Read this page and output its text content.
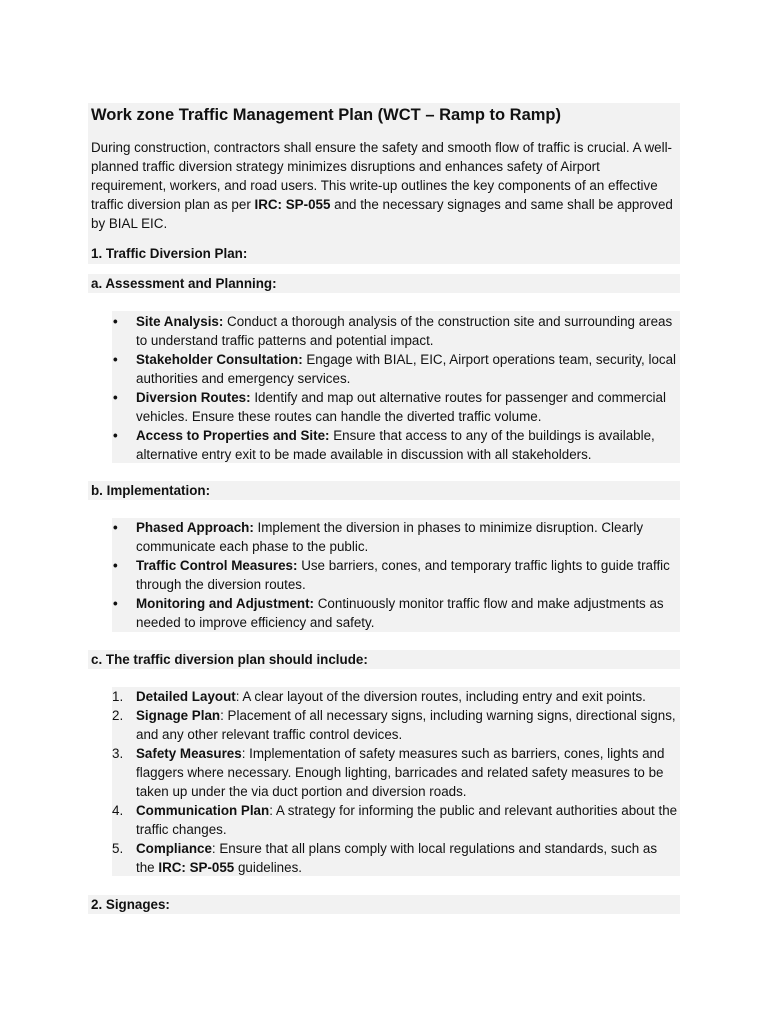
Work zone Traffic Management Plan (WCT – Ramp to Ramp)

During construction, contractors shall ensure the safety and smooth flow of traffic is crucial. A well-planned traffic diversion strategy minimizes disruptions and enhances safety of Airport requirement, workers, and road users. This write-up outlines the key components of an effective traffic diversion plan as per IRC: SP-055 and the necessary signages and same shall be approved by BIAL EIC.

1. Traffic Diversion Plan:

a. Assessment and Planning:

• Site Analysis: Conduct a thorough analysis of the construction site and surrounding areas to understand traffic patterns and potential impact.
• Stakeholder Consultation: Engage with BIAL, EIC, Airport operations team, security, local authorities and emergency services.
• Diversion Routes: Identify and map out alternative routes for passenger and commercial vehicles. Ensure these routes can handle the diverted traffic volume.
• Access to Properties and Site: Ensure that access to any of the buildings is available, alternative entry exit to be made available in discussion with all stakeholders.

b. Implementation:

• Phased Approach: Implement the diversion in phases to minimize disruption. Clearly communicate each phase to the public.
• Traffic Control Measures: Use barriers, cones, and temporary traffic lights to guide traffic through the diversion routes.
• Monitoring and Adjustment: Continuously monitor traffic flow and make adjustments as needed to improve efficiency and safety.

c. The traffic diversion plan should include:

1. Detailed Layout: A clear layout of the diversion routes, including entry and exit points.
2. Signage Plan: Placement of all necessary signs, including warning signs, directional signs, and any other relevant traffic control devices.
3. Safety Measures: Implementation of safety measures such as barriers, cones, lights and flaggers where necessary. Enough lighting, barricades and related safety measures to be taken up under the via duct portion and diversion roads.
4. Communication Plan: A strategy for informing the public and relevant authorities about the traffic changes.
5. Compliance: Ensure that all plans comply with local regulations and standards, such as the IRC: SP-055 guidelines.

2. Signages:
